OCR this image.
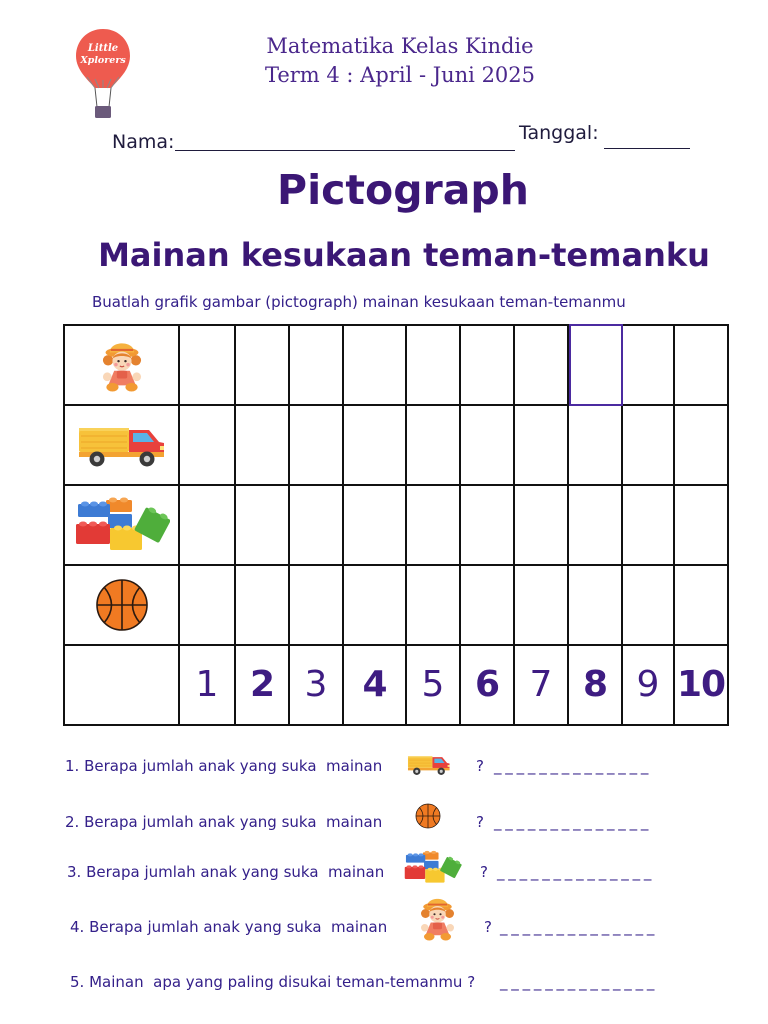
Little
Xplorers
Matematika Kelas Kindie
Term 4 : April - Juni 2025
Nama:	Tanggal:
Pictograph
Mainan kesukaan teman-temanku
Buatlah grafik gambar (pictograph) mainan kesukaan teman-temanmu

	1	2	3	4	5	6	7	8	9	10
1. Berapa jumlah anak yang suka  mainan	? ______________
2. Berapa jumlah anak yang suka  mainan	? ______________
3. Berapa jumlah anak yang suka  mainan	? ______________
4. Berapa jumlah anak yang suka  mainan	? ______________
5. Mainan  apa yang paling disukai teman-temanmu ? ______________
